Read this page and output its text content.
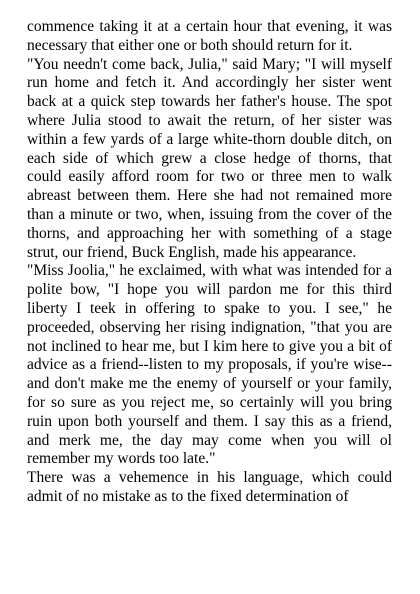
commence taking it at a certain hour that evening, it was necessary that either one or both should return for it.

"You needn't come back, Julia," said Mary; "I will myself run home and fetch it. And accordingly her sister went back at a quick step towards her father's house. The spot where Julia stood to await the return, of her sister was within a few yards of a large white-thorn double ditch, on each side of which grew a close hedge of thorns, that could easily afford room for two or three men to walk abreast between them. Here she had not remained more than a minute or two, when, issuing from the cover of the thorns, and approaching her with something of a stage strut, our friend, Buck English, made his appearance.

"Miss Joolia," he exclaimed, with what was intended for a polite bow, "I hope you will pardon me for this third liberty I teek in offering to spake to you. I see," he proceeded, observing her rising indignation, "that you are not inclined to hear me, but I kim here to give you a bit of advice as a friend--listen to my proposals, if you're wise--and don't make me the enemy of yourself or your family, for so sure as you reject me, so certainly will you bring ruin upon both yourself and them. I say this as a friend, and merk me, the day may come when you will ol remember my words too late."

There was a vehemence in his language, which could admit of no mistake as to the fixed determination of
